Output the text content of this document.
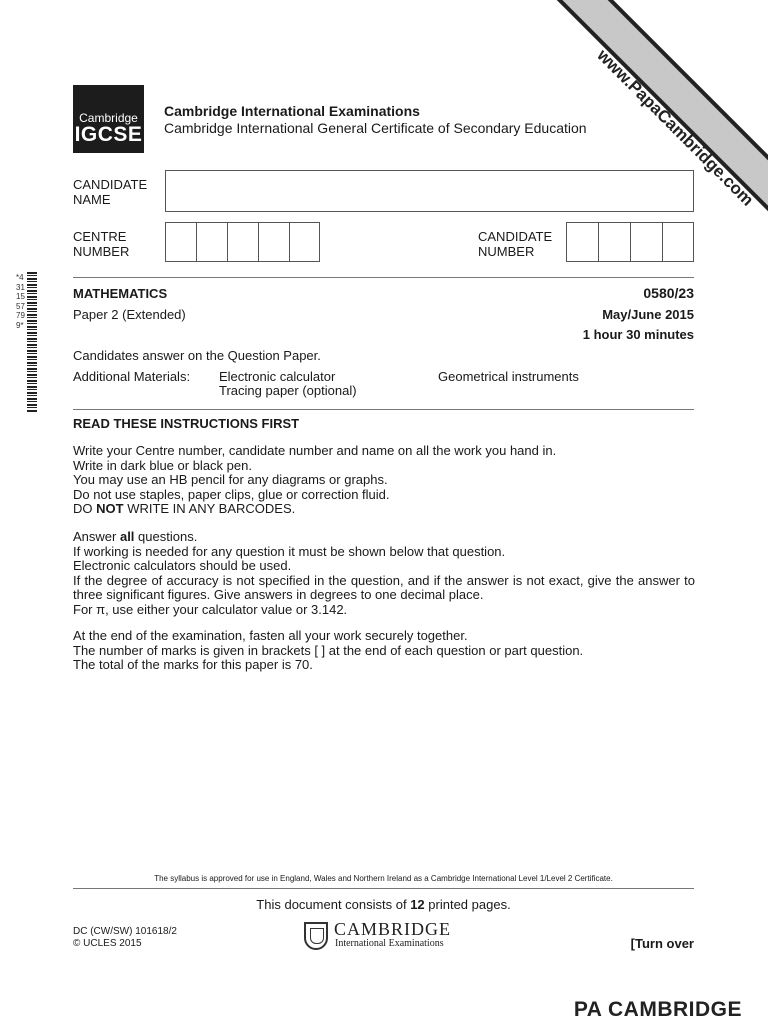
www.PapaCambridge.com
*4311557799*
Cambridge
IGCSE
Cambridge International Examinations
Cambridge International General Certificate of Secondary Education
CANDIDATE
NAME
CENTRE
NUMBER
CANDIDATE
NUMBER
MATHEMATICS	0580/23
Paper 2 (Extended)	May/June 2015
1 hour 30 minutes
Candidates answer on the Question Paper.
Additional Materials: Electronic calculator
Tracing paper (optional)
Geometrical instruments
READ THESE INSTRUCTIONS FIRST

Write your Centre number, candidate number and name on all the work you hand in.

Write in dark blue or black pen.

You may use an HB pencil for any diagrams or graphs.

Do not use staples, paper clips, glue or correction fluid.

DO NOT WRITE IN ANY BARCODES.

Answer all questions.

If working is needed for any question it must be shown below that question.

Electronic calculators should be used.

If the degree of accuracy is not specified in the question, and if the answer is not exact, give the answer to three significant figures. Give answers in degrees to one decimal place.

For π, use either your calculator value or 3.142.

At the end of the examination, fasten all your work securely together.

The number of marks is given in brackets [ ] at the end of each question or part question.

The total of the marks for this paper is 70.

The syllabus is approved for use in England, Wales and Northern Ireland as a Cambridge International Level 1/Level 2 Certificate.
This document consists of 12 printed pages.
DC (CW/SW) 101618/2
© UCLES 2015
CAMBRIDGE
International Examinations	[Turn over
PA CAMBRIDGE
